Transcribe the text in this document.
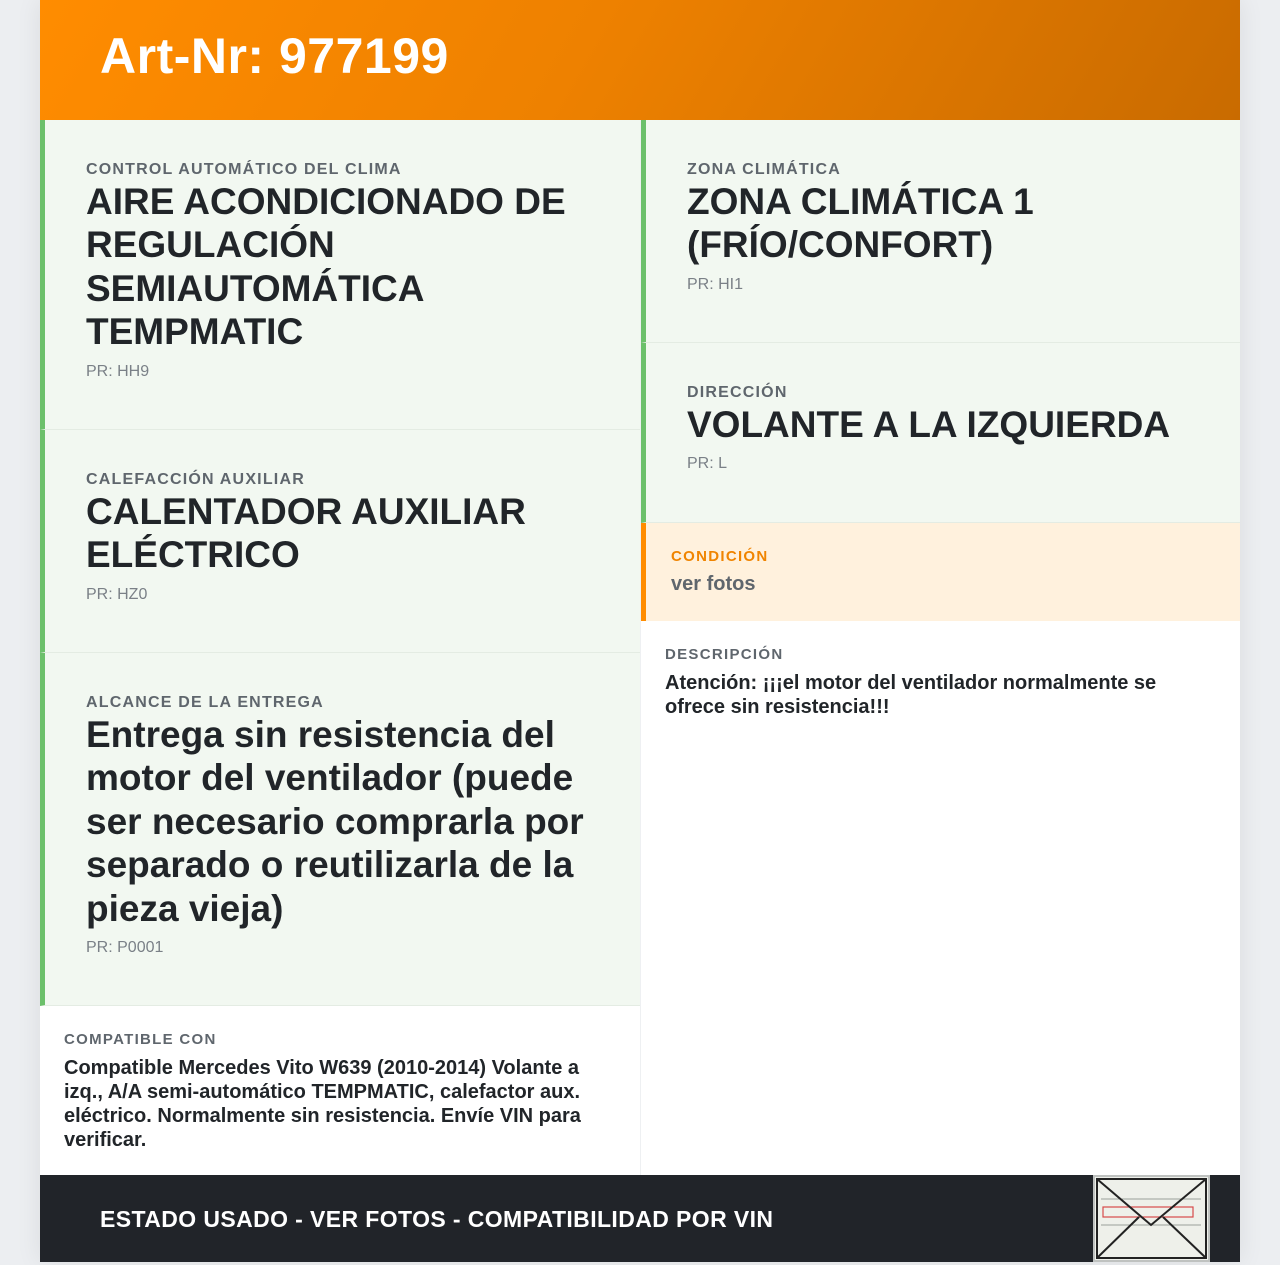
Art-Nr: 977199
CONTROL AUTOMÁTICO DEL CLIMA
AIRE ACONDICIONADO DE REGULACIÓN SEMIAUTOMÁTICA TEMPMATIC
PR: HH9
CALEFACCIÓN AUXILIAR
CALENTADOR AUXILIAR ELÉCTRICO
PR: HZ0
ALCANCE DE LA ENTREGA
Entrega sin resistencia del motor del ventilador (puede ser necesario comprarla por separado o reutilizarla de la pieza vieja)
PR: P0001
COMPATIBLE CON
Compatible Mercedes Vito W639 (2010-2014) Volante a izq., A/A semi-automático TEMPMATIC, calefactor aux. eléctrico. Normalmente sin resistencia. Envíe VIN para verificar.
ZONA CLIMÁTICA
ZONA CLIMÁTICA 1 (FRÍO/CONFORT)
PR: HI1
DIRECCIÓN
VOLANTE A LA IZQUIERDA
PR: L
CONDICIÓN
ver fotos
DESCRIPCIÓN
Atención: ¡¡¡el motor del ventilador normalmente se ofrece sin resistencia!!!
ESTADO USADO - VER FOTOS - COMPATIBILIDAD POR VIN
